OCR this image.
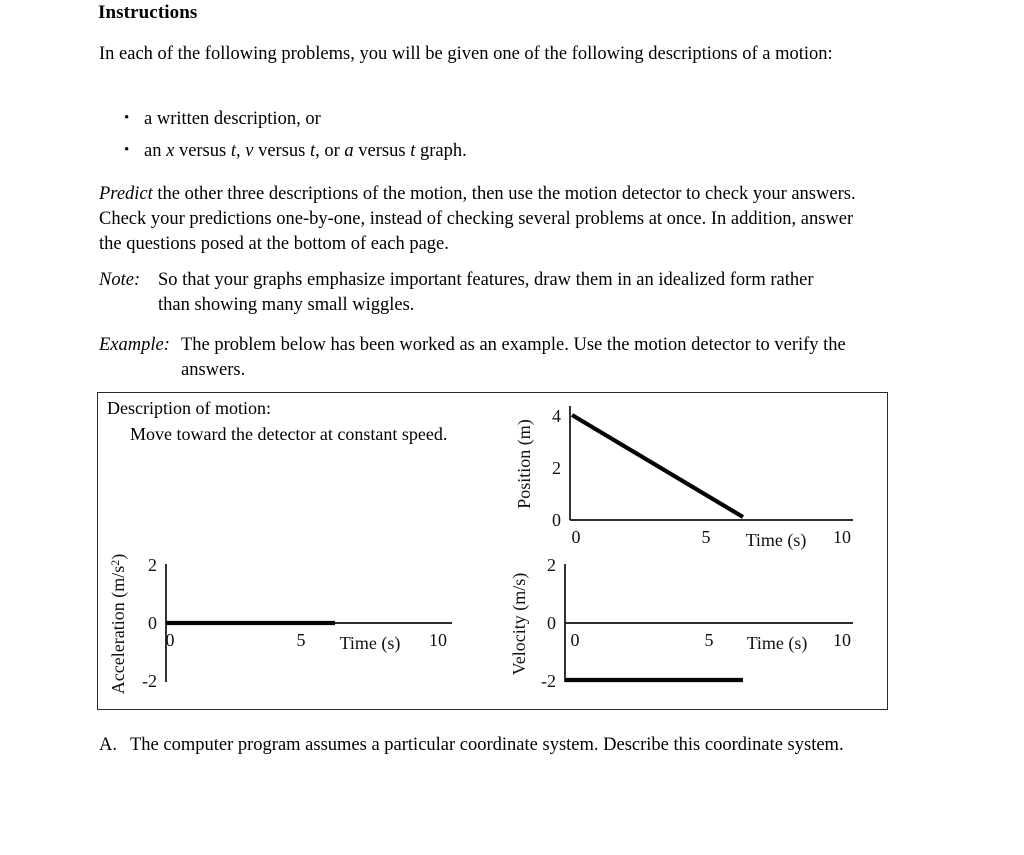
Instructions
In each of the following problems, you will be given one of the following descriptions of a motion:
• a written description, or
• an x versus t, v versus t, or a versus t graph.
Predict the other three descriptions of the motion, then use the motion detector to check your answers. Check your predictions one-by-one, instead of checking several problems at once. In addition, answer the questions posed at the bottom of each page.
Note: So that your graphs emphasize important features, draw them in an idealized form rather
than showing many small wiggles.
Example: The problem below has been worked as an example. Use the motion detector to verify the answers.
Description of motion:
Move toward the detector at constant speed.
4
2
0
0	5	10
Time (s)
Position (m)
2
0
-2
0	5	10
Time (s)
Acceleration $(m/s^2)$	2
0
-2
0	5	10
Time (s)
Velocity (m/s)
A. The computer program assumes a particular coordinate system. Describe this coordinate system.
